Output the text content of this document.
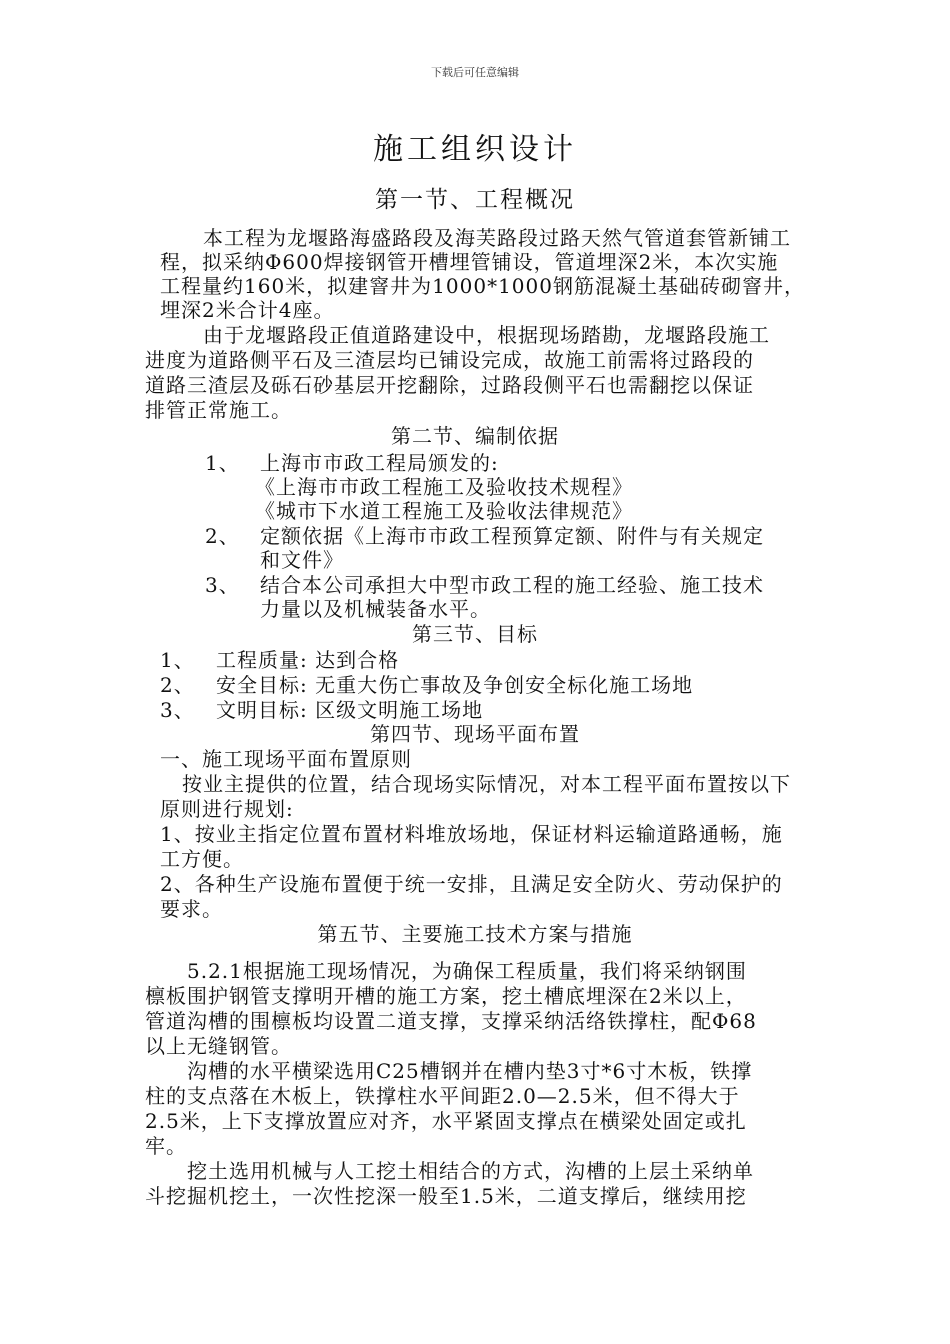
下载后可任意编辑
施工组织设计
第一节、工程概况
本工程为龙堰路海盛路段及海芙路段过路天然气管道套管新铺工
程，拟采纳Φ600焊接钢管开槽埋管铺设，管道埋深2米，本次实施
工程量约160米，拟建窨井为1000*1000钢筋混凝土基础砖砌窨井，
埋深2米合计4座。
由于龙堰路段正值道路建设中，根据现场踏勘，龙堰路段施工
进度为道路侧平石及三渣层均已铺设完成，故施工前需将过路段的
道路三渣层及砾石砂基层开挖翻除，过路段侧平石也需翻挖以保证
排管正常施工。
第二节、编制依据
1、 上海市市政工程局颁发的:
《上海市市政工程施工及验收技术规程》
《城市下水道工程施工及验收法律规范》
2、 定额依据《上海市市政工程预算定额、附件与有关规定
和文件》
3、 结合本公司承担大中型市政工程的施工经验、施工技术
力量以及机械装备水平。
第三节、目标
1、 工程质量: 达到合格
2、 安全目标: 无重大伤亡事故及争创安全标化施工场地
3、 文明目标: 区级文明施工场地
第四节、现场平面布置
一、施工现场平面布置原则
按业主提供的位置，结合现场实际情况，对本工程平面布置按以下
原则进行规划:
1、按业主指定位置布置材料堆放场地，保证材料运输道路通畅，施
工方便。
2、各种生产设施布置便于统一安排，且满足安全防火、劳动保护的
要求。
第五节、主要施工技术方案与措施
5.2.1根据施工现场情况，为确保工程质量，我们将采纳钢围
檩板围护钢管支撑明开槽的施工方案，挖土槽底埋深在2米以上，
管道沟槽的围檩板均设置二道支撑，支撑采纳活络铁撑柱，配Φ68
以上无缝钢管。
沟槽的水平横梁选用C25槽钢并在槽内垫3寸*6寸木板，铁撑
柱的支点落在木板上，铁撑柱水平间距2.0—2.5米，但不得大于
2.5米，上下支撑放置应对齐，水平紧固支撑点在横梁处固定或扎
牢。
挖土选用机械与人工挖土相结合的方式，沟槽的上层土采纳单
斗挖掘机挖土，一次性挖深一般至1.5米，二道支撑后，继续用挖
